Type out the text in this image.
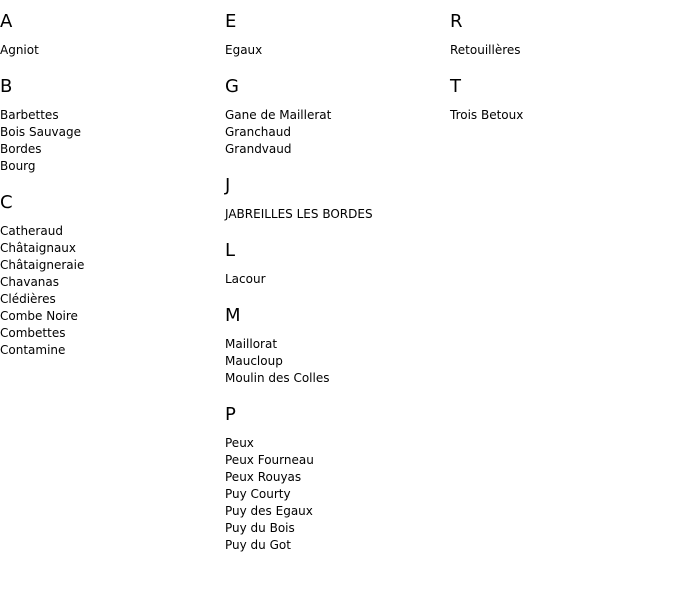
A
Agniot
B
Barbettes
Bois Sauvage
Bordes
Bourg
C
Catheraud
Châtaignaux
Châtaigneraie
Chavanas
Clédières
Combe Noire
Combettes
Contamine
E
Egaux
G
Gane de Maillerat
Granchaud
Grandvaud
J
JABREILLES LES BORDES
L
Lacour
M
Maillorat
Maucloup
Moulin des Colles
P
Peux
Peux Fourneau
Peux Rouyas
Puy Courty
Puy des Egaux
Puy du Bois
Puy du Got
R
Retouillères
T
Trois Betoux
